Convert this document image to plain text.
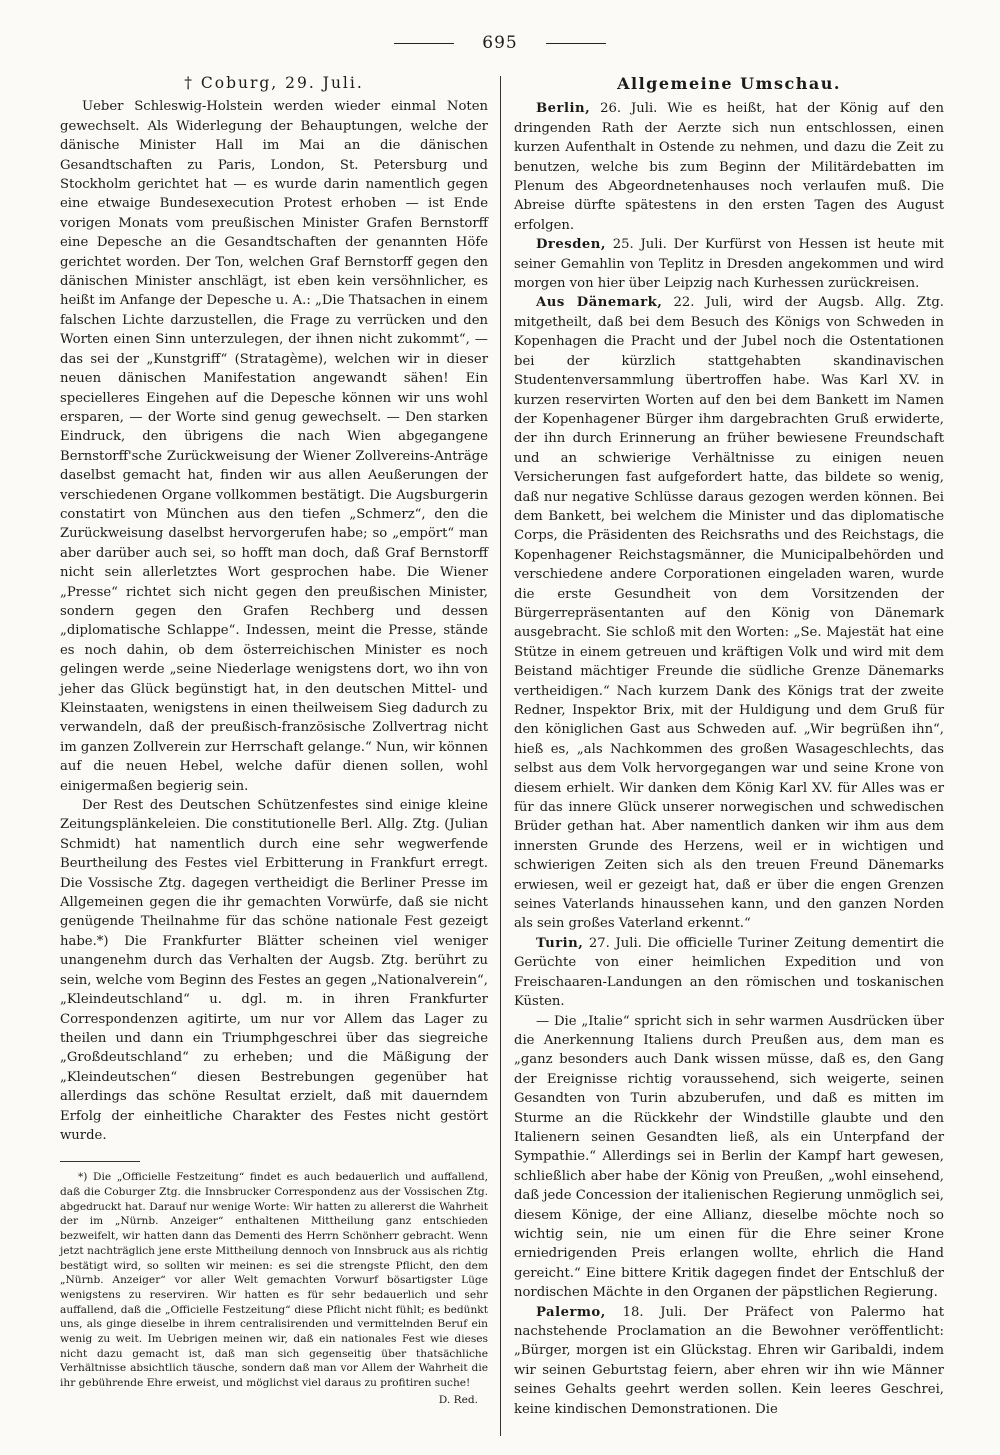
695
† Coburg, 29. Juli.

Ueber Schleswig-Holstein werden wieder einmal Noten gewechselt. Als Widerlegung der Behauptungen, welche der dänische Minister Hall im Mai an die dänischen Gesandtschaften zu Paris, London, St. Petersburg und Stockholm gerichtet hat — es wurde darin namentlich gegen eine etwaige Bundesexecution Protest erhoben — ist Ende vorigen Monats vom preußischen Minister Grafen Bernstorff eine Depesche an die Gesandtschaften der genannten Höfe gerichtet worden. Der Ton, welchen Graf Bernstorff gegen den dänischen Minister anschlägt, ist eben kein versöhnlicher, es heißt im Anfange der Depesche u. A.: „Die Thatsachen in einem falschen Lichte darzustellen, die Frage zu verrücken und den Worten einen Sinn unterzulegen, der ihnen nicht zukommt“, — das sei der „Kunstgriff“ (Stratagème), welchen wir in dieser neuen dänischen Manifestation angewandt sähen! Ein specielleres Eingehen auf die Depesche können wir uns wohl ersparen, — der Worte sind genug gewechselt. — Den starken Eindruck, den übrigens die nach Wien abgegangene Bernstorff'sche Zurückweisung der Wiener Zollvereins-Anträge daselbst gemacht hat, finden wir aus allen Aeußerungen der verschiedenen Organe vollkommen bestätigt. Die Augsburgerin constatirt von München aus den tiefen „Schmerz“, den die Zurückweisung daselbst hervorgerufen habe; so „empört“ man aber darüber auch sei, so hofft man doch, daß Graf Bernstorff nicht sein allerletztes Wort gesprochen habe. Die Wiener „Presse“ richtet sich nicht gegen den preußischen Minister, sondern gegen den Grafen Rechberg und dessen „diplomatische Schlappe“. Indessen, meint die Presse, stände es noch dahin, ob dem österreichischen Minister es noch gelingen werde „seine Niederlage wenigstens dort, wo ihn von jeher das Glück begünstigt hat, in den deutschen Mittel- und Kleinstaaten, wenigstens in einen theilweisem Sieg dadurch zu verwandeln, daß der preußisch-französische Zollvertrag nicht im ganzen Zollverein zur Herrschaft gelange.“ Nun, wir können auf die neuen Hebel, welche dafür dienen sollen, wohl einigermaßen begierig sein.

Der Rest des Deutschen Schützenfestes sind einige kleine Zeitungsplänkeleien. Die constitutionelle Berl. Allg. Ztg. (Julian Schmidt) hat namentlich durch eine sehr wegwerfende Beurtheilung des Festes viel Erbitterung in Frankfurt erregt. Die Vossische Ztg. dagegen vertheidigt die Berliner Presse im Allgemeinen gegen die ihr gemachten Vorwürfe, daß sie nicht genügende Theilnahme für das schöne nationale Fest gezeigt habe.*) Die Frankfurter Blätter scheinen viel weniger unangenehm durch das Verhalten der Augsb. Ztg. berührt zu sein, welche vom Beginn des Festes an gegen „Nationalverein“, „Kleindeutschland“ u. dgl. m. in ihren Frankfurter Correspondenzen agitirte, um nur vor Allem das Lager zu theilen und dann ein Triumphgeschrei über das siegreiche „Großdeutschland“ zu erheben; und die Mäßigung der „Kleindeutschen“ diesen Bestrebungen gegenüber hat allerdings das schöne Resultat erzielt, daß mit dauerndem Erfolg der einheitliche Charakter des Festes nicht gestört wurde.

*) Die „Officielle Festzeitung“ findet es auch bedauerlich und auffallend, daß die Coburger Ztg. die Innsbrucker Correspondenz aus der Vossischen Ztg. abgedruckt hat. Darauf nur wenige Worte: Wir hatten zu allererst die Wahrheit der im „Nürnb. Anzeiger“ enthaltenen Mittheilung ganz entschieden bezweifelt, wir hatten dann das Dementi des Herrn Schönherr gebracht. Wenn jetzt nachträglich jene erste Mittheilung dennoch von Innsbruck aus als richtig bestätigt wird, so sollten wir meinen: es sei die strengste Pflicht, den dem „Nürnb. Anzeiger“ vor aller Welt gemachten Vorwurf bösartigster Lüge wenigstens zu reserviren. Wir hatten es für sehr bedauerlich und sehr auffallend, daß die „Officielle Festzeitung“ diese Pflicht nicht fühlt; es bedünkt uns, als ginge dieselbe in ihrem centralisirenden und vermittelnden Beruf ein wenig zu weit. Im Uebrigen meinen wir, daß ein nationales Fest wie dieses nicht dazu gemacht ist, daß man sich gegenseitig über thatsächliche Verhältnisse absichtlich täusche, sondern daß man vor Allem der Wahrheit die ihr gebührende Ehre erweist, und möglichst viel daraus zu profitiren suche!

D. Red.
Allgemeine Umschau.

Berlin, 26. Juli. Wie es heißt, hat der König auf den dringenden Rath der Aerzte sich nun entschlossen, einen kurzen Aufenthalt in Ostende zu nehmen, und dazu die Zeit zu benutzen, welche bis zum Beginn der Militärdebatten im Plenum des Abgeordnetenhauses noch verlaufen muß. Die Abreise dürfte spätestens in den ersten Tagen des August erfolgen.

Dresden, 25. Juli. Der Kurfürst von Hessen ist heute mit seiner Gemahlin von Teplitz in Dresden angekommen und wird morgen von hier über Leipzig nach Kurhessen zurückreisen.

Aus Dänemark, 22. Juli, wird der Augsb. Allg. Ztg. mitgetheilt, daß bei dem Besuch des Königs von Schweden in Kopenhagen die Pracht und der Jubel noch die Ostentationen bei der kürzlich stattgehabten skandinavischen Studentenversammlung übertroffen habe. Was Karl XV. in kurzen reservirten Worten auf den bei dem Bankett im Namen der Kopenhagener Bürger ihm dargebrachten Gruß erwiderte, der ihn durch Erinnerung an früher bewiesene Freundschaft und an schwierige Verhältnisse zu einigen neuen Versicherungen fast aufgefordert hatte, das bildete so wenig, daß nur negative Schlüsse daraus gezogen werden können. Bei dem Bankett, bei welchem die Minister und das diplomatische Corps, die Präsidenten des Reichsraths und des Reichstags, die Kopenhagener Reichstagsmänner, die Municipalbehörden und verschiedene andere Corporationen eingeladen waren, wurde die erste Gesundheit von dem Vorsitzenden der Bürgerrepräsentanten auf den König von Dänemark ausgebracht. Sie schloß mit den Worten: „Se. Majestät hat eine Stütze in einem getreuen und kräftigen Volk und wird mit dem Beistand mächtiger Freunde die südliche Grenze Dänemarks vertheidigen.“ Nach kurzem Dank des Königs trat der zweite Redner, Inspektor Brix, mit der Huldigung und dem Gruß für den königlichen Gast aus Schweden auf. „Wir begrüßen ihn“, hieß es, „als Nachkommen des großen Wasageschlechts, das selbst aus dem Volk hervorgegangen war und seine Krone von diesem erhielt. Wir danken dem König Karl XV. für Alles was er für das innere Glück unserer norwegischen und schwedischen Brüder gethan hat. Aber namentlich danken wir ihm aus dem innersten Grunde des Herzens, weil er in wichtigen und schwierigen Zeiten sich als den treuen Freund Dänemarks erwiesen, weil er gezeigt hat, daß er über die engen Grenzen seines Vaterlands hinaussehen kann, und den ganzen Norden als sein großes Vaterland erkennt.“

Turin, 27. Juli. Die officielle Turiner Zeitung dementirt die Gerüchte von einer heimlichen Expedition und von Freischaaren-Landungen an den römischen und toskanischen Küsten.

— Die „Italie“ spricht sich in sehr warmen Ausdrücken über die Anerkennung Italiens durch Preußen aus, dem man es „ganz besonders auch Dank wissen müsse, daß es, den Gang der Ereignisse richtig voraussehend, sich weigerte, seinen Gesandten von Turin abzuberufen, und daß es mitten im Sturme an die Rückkehr der Windstille glaubte und den Italienern seinen Gesandten ließ, als ein Unterpfand der Sympathie.“ Allerdings sei in Berlin der Kampf hart gewesen, schließlich aber habe der König von Preußen, „wohl einsehend, daß jede Concession der italienischen Regierung unmöglich sei, diesem Könige, der eine Allianz, dieselbe möchte noch so wichtig sein, nie um einen für die Ehre seiner Krone erniedrigenden Preis erlangen wollte, ehrlich die Hand gereicht.“ Eine bittere Kritik dagegen findet der Entschluß der nordischen Mächte in den Organen der päpstlichen Regierung.

Palermo, 18. Juli. Der Präfect von Palermo hat nachstehende Proclamation an die Bewohner veröffentlicht: „Bürger, morgen ist ein Glückstag. Ehren wir Garibaldi, indem wir seinen Geburtstag feiern, aber ehren wir ihn wie Männer seines Gehalts geehrt werden sollen. Kein leeres Geschrei, keine kindischen Demonstrationen. Die
